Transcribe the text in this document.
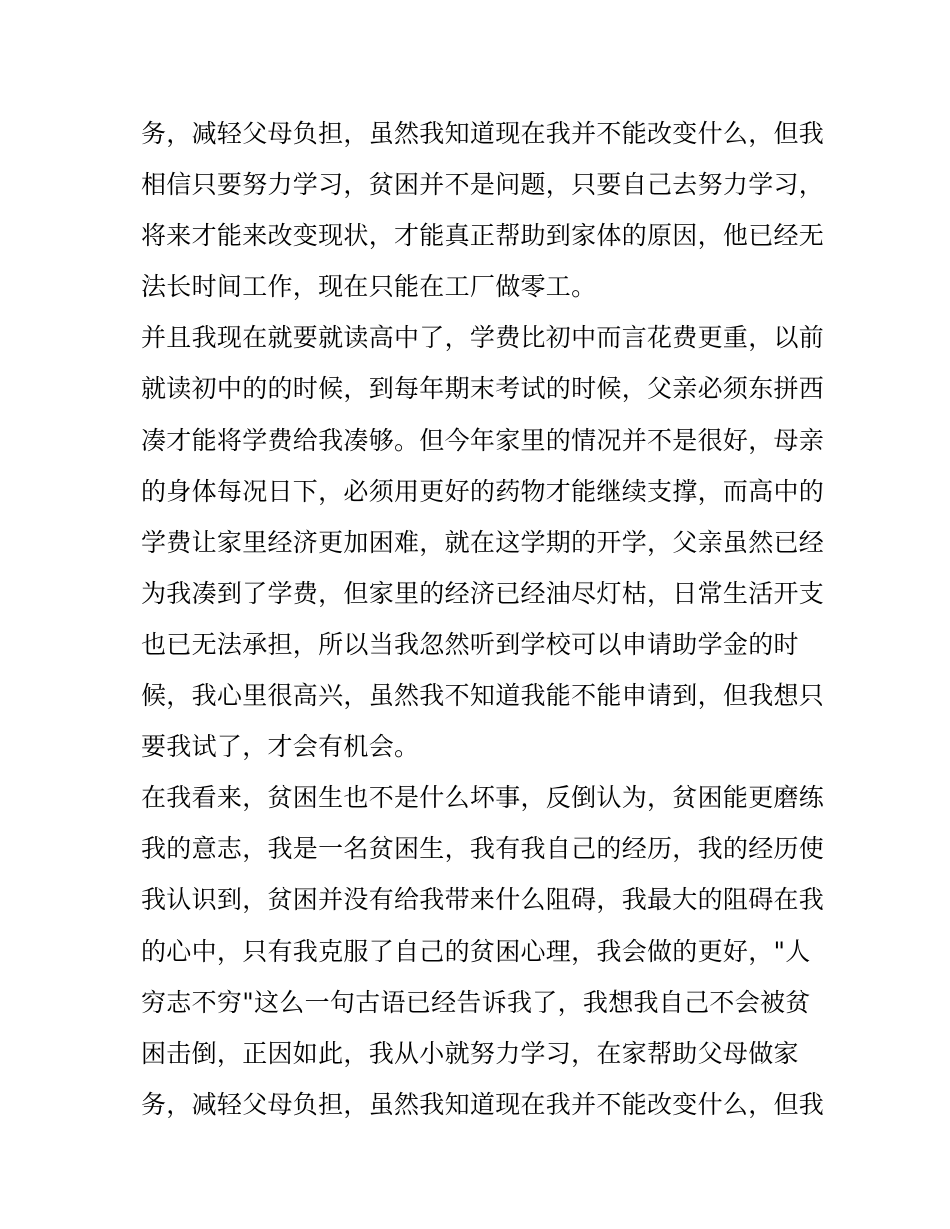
务，减轻父母负担，虽然我知道现在我并不能改变什么，但我
相信只要努力学习，贫困并不是问题，只要自己去努力学习，
将来才能来改变现状，才能真正帮助到家体的原因，他已经无
法长时间工作，现在只能在工厂做零工。
并且我现在就要就读高中了，学费比初中而言花费更重，以前
就读初中的的时候，到每年期末考试的时候，父亲必须东拼西
凑才能将学费给我凑够。但今年家里的情况并不是很好，母亲
的身体每况日下，必须用更好的药物才能继续支撑，而高中的
学费让家里经济更加困难，就在这学期的开学，父亲虽然已经
为我凑到了学费，但家里的经济已经油尽灯枯，日常生活开支
也已无法承担，所以当我忽然听到学校可以申请助学金的时
候，我心里很高兴，虽然我不知道我能不能申请到，但我想只
要我试了，才会有机会。
在我看来，贫困生也不是什么坏事，反倒认为，贫困能更磨练
我的意志，我是一名贫困生，我有我自己的经历，我的经历使
我认识到，贫困并没有给我带来什么阻碍，我最大的阻碍在我
的心中，只有我克服了自己的贫困心理，我会做的更好，"人
穷志不穷"这么一句古语已经告诉我了，我想我自己不会被贫
困击倒，正因如此，我从小就努力学习，在家帮助父母做家
务，减轻父母负担，虽然我知道现在我并不能改变什么，但我
